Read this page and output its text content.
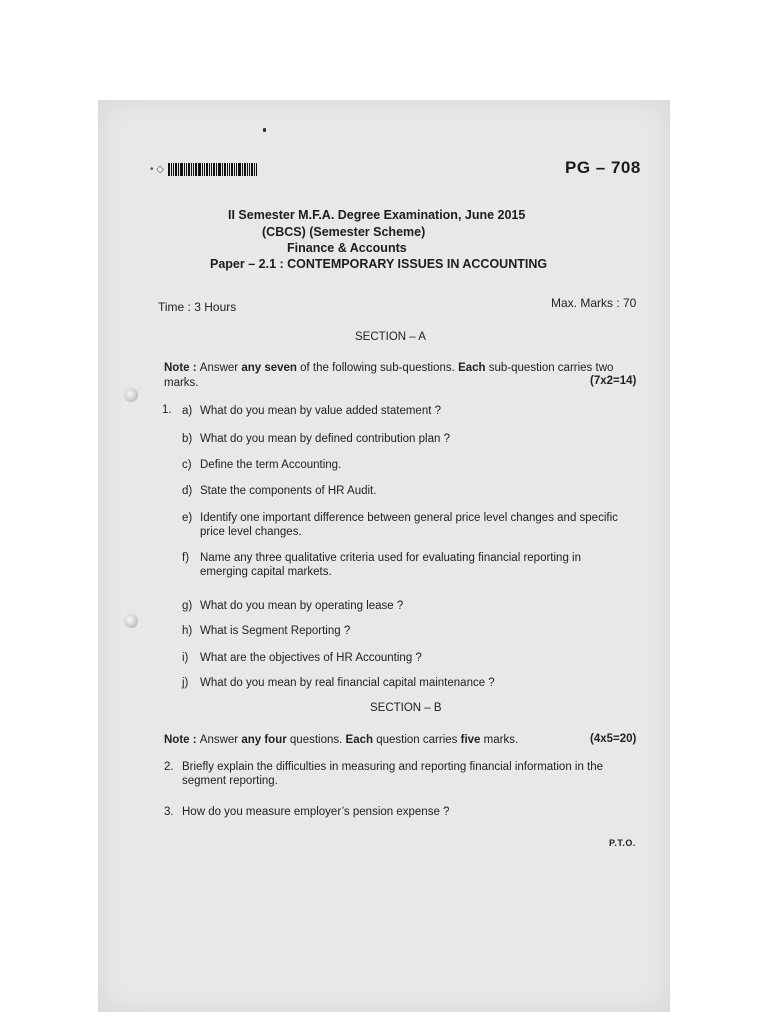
• ◇	PG – 708
II Semester M.F.A. Degree Examination, June 2015
(CBCS) (Semester Scheme)
Finance & Accounts
Paper – 2.1 : CONTEMPORARY ISSUES IN ACCOUNTING
Time : 3 Hours	Max. Marks : 70
SECTION – A
Note : Answer any seven of the following sub-questions. Each sub-question carries two marks.	(7x2=14)
1. a) What do you mean by value added statement ?
b) What do you mean by defined contribution plan ?
c) Define the term Accounting.
d) State the components of HR Audit.
e) Identify one important difference between general price level changes and specific price level changes.
f) Name any three qualitative criteria used for evaluating financial reporting in emerging capital markets.
g) What do you mean by operating lease ?
h) What is Segment Reporting ?
i)	What are the objectives of HR Accounting ?
j)	What do you mean by real financial capital maintenance ?
SECTION – B
Note : Answer any four questions. Each question carries five marks.	(4x5=20)
2. Briefly explain the difficulties in measuring and reporting financial information in the segment reporting.
3. How do you measure employer’s pension expense ?
P.T.O.
